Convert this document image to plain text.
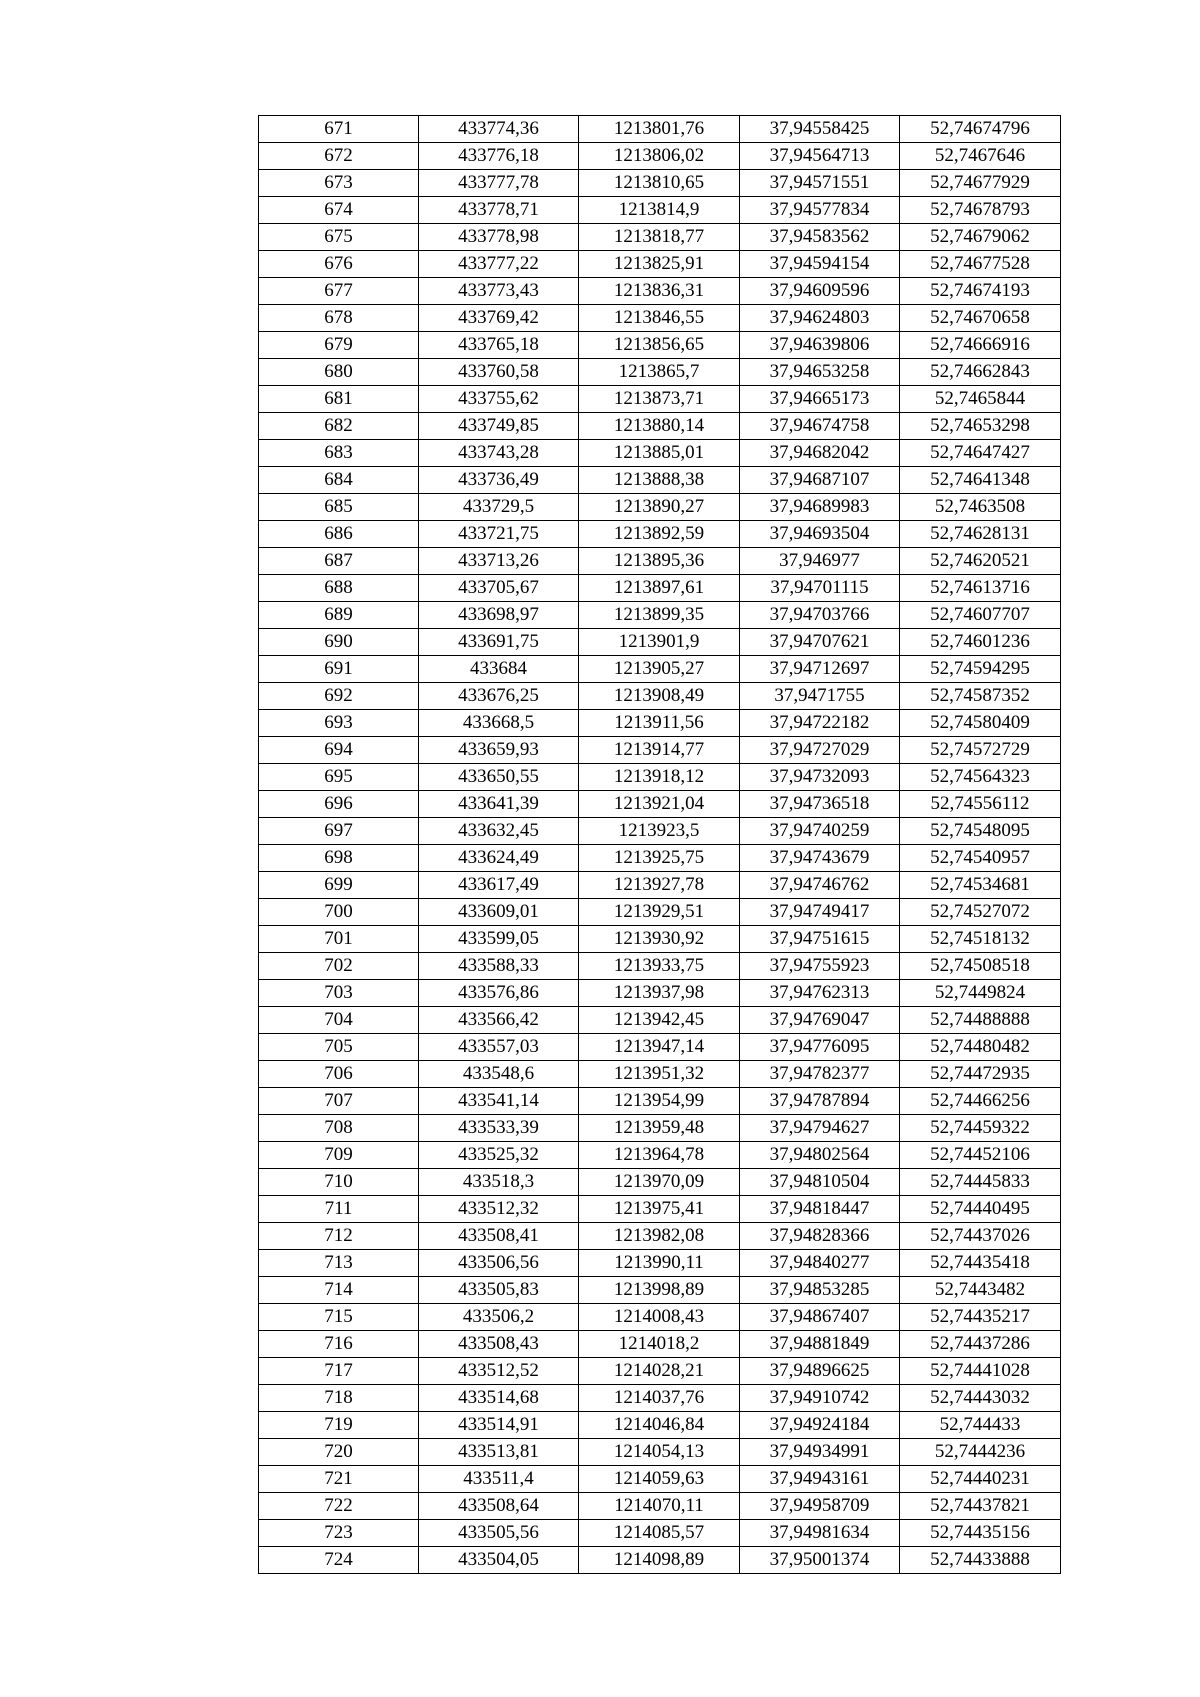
671	433774,36	1213801,76	37,94558425	52,74674796
672	433776,18	1213806,02	37,94564713	52,7467646
673	433777,78	1213810,65	37,94571551	52,74677929
674	433778,71	1213814,9	37,94577834	52,74678793
675	433778,98	1213818,77	37,94583562	52,74679062
676	433777,22	1213825,91	37,94594154	52,74677528
677	433773,43	1213836,31	37,94609596	52,74674193
678	433769,42	1213846,55	37,94624803	52,74670658
679	433765,18	1213856,65	37,94639806	52,74666916
680	433760,58	1213865,7	37,94653258	52,74662843
681	433755,62	1213873,71	37,94665173	52,7465844
682	433749,85	1213880,14	37,94674758	52,74653298
683	433743,28	1213885,01	37,94682042	52,74647427
684	433736,49	1213888,38	37,94687107	52,74641348
685	433729,5	1213890,27	37,94689983	52,7463508
686	433721,75	1213892,59	37,94693504	52,74628131
687	433713,26	1213895,36	37,946977	52,74620521
688	433705,67	1213897,61	37,94701115	52,74613716
689	433698,97	1213899,35	37,94703766	52,74607707
690	433691,75	1213901,9	37,94707621	52,74601236
691	433684	1213905,27	37,94712697	52,74594295
692	433676,25	1213908,49	37,9471755	52,74587352
693	433668,5	1213911,56	37,94722182	52,74580409
694	433659,93	1213914,77	37,94727029	52,74572729
695	433650,55	1213918,12	37,94732093	52,74564323
696	433641,39	1213921,04	37,94736518	52,74556112
697	433632,45	1213923,5	37,94740259	52,74548095
698	433624,49	1213925,75	37,94743679	52,74540957
699	433617,49	1213927,78	37,94746762	52,74534681
700	433609,01	1213929,51	37,94749417	52,74527072
701	433599,05	1213930,92	37,94751615	52,74518132
702	433588,33	1213933,75	37,94755923	52,74508518
703	433576,86	1213937,98	37,94762313	52,7449824
704	433566,42	1213942,45	37,94769047	52,74488888
705	433557,03	1213947,14	37,94776095	52,74480482
706	433548,6	1213951,32	37,94782377	52,74472935
707	433541,14	1213954,99	37,94787894	52,74466256
708	433533,39	1213959,48	37,94794627	52,74459322
709	433525,32	1213964,78	37,94802564	52,74452106
710	433518,3	1213970,09	37,94810504	52,74445833
711	433512,32	1213975,41	37,94818447	52,74440495
712	433508,41	1213982,08	37,94828366	52,74437026
713	433506,56	1213990,11	37,94840277	52,74435418
714	433505,83	1213998,89	37,94853285	52,7443482
715	433506,2	1214008,43	37,94867407	52,74435217
716	433508,43	1214018,2	37,94881849	52,74437286
717	433512,52	1214028,21	37,94896625	52,74441028
718	433514,68	1214037,76	37,94910742	52,74443032
719	433514,91	1214046,84	37,94924184	52,744433
720	433513,81	1214054,13	37,94934991	52,7444236
721	433511,4	1214059,63	37,94943161	52,74440231
722	433508,64	1214070,11	37,94958709	52,74437821
723	433505,56	1214085,57	37,94981634	52,74435156
724	433504,05	1214098,89	37,95001374	52,74433888
